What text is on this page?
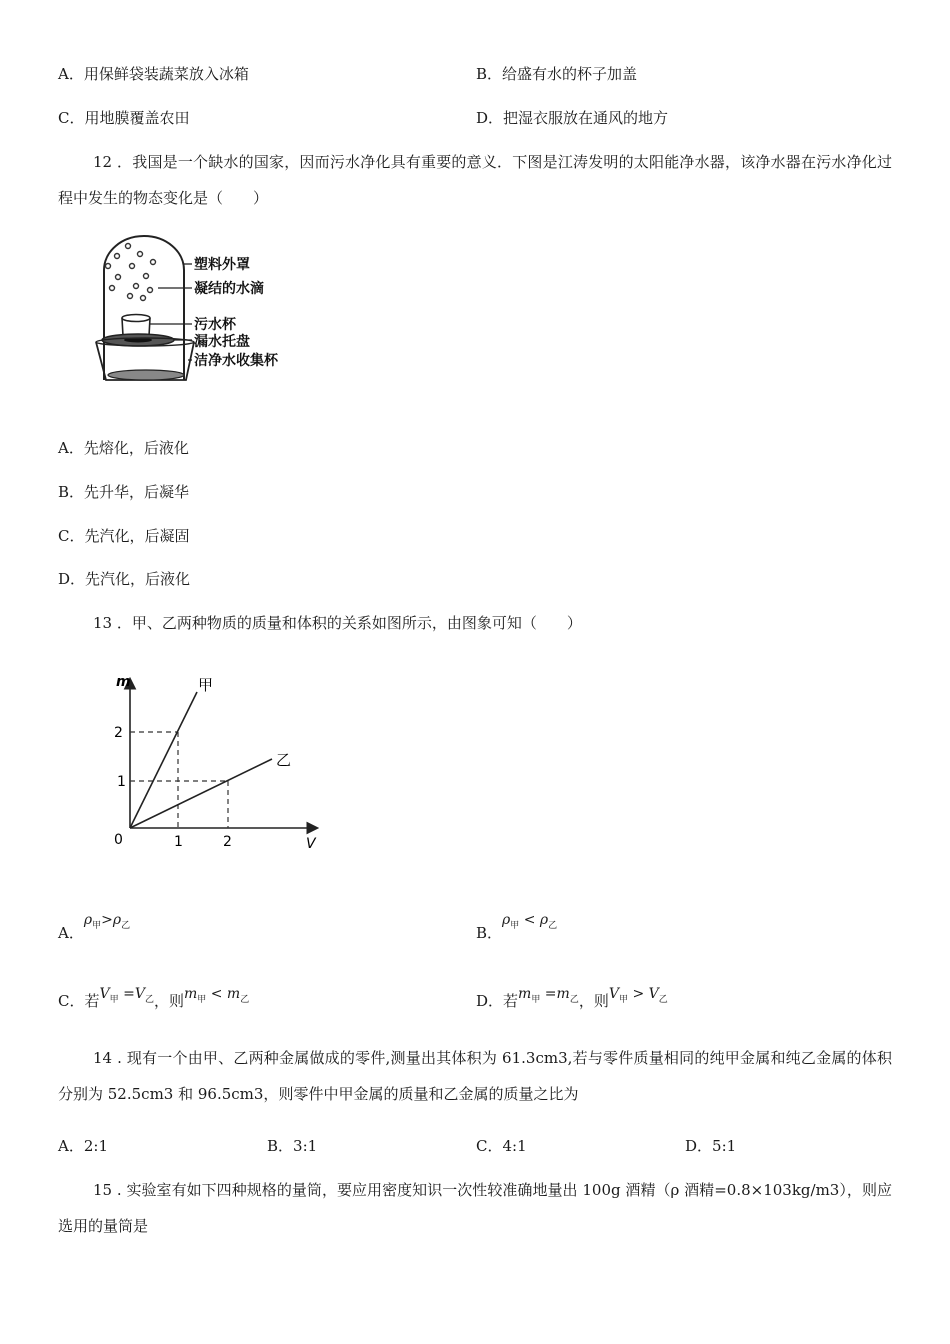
A．用保鲜袋装蔬菜放入冰箱	B．给盛有水的杯子加盖
C．用地膜覆盖农田	D．把湿衣服放在通风的地方
12 ．我国是一个缺水的国家，因而污水净化具有重要的意义．下图是江涛发明的太阳能净水器，该净水器在污水净化过程中发生的物态变化是（　　）
塑料外罩
凝结的水滴
污水杯
漏水托盘
洁净水收集杯
A．先熔化，后液化
B．先升华，后凝华
C．先汽化，后凝固
D．先汽化，后液化
13 ．甲、乙两种物质的质量和体积的关系如图所示，由图象可知（　　）
m
V
0
2
1
1	2
甲
乙
A．$\rho_甲>\rho_乙$	B．$\rho_甲 < \rho_乙$
C．若$V_甲 =V_乙$，则$m_甲 < m_乙$	D．若$m_甲 =m_乙$，则$V_甲 > V_乙$
14 . 现有一个由甲、乙两种金属做成的零件,测量出其体积为 61.3cm3,若与零件质量相同的纯甲金属和纯乙金属的体积分别为 52.5cm3 和 96.5cm3，则零件中甲金属的质量和乙金属的质量之比为
A．2:1	B．3:1	C．4:1	D．5:1
15 . 实验室有如下四种规格的量筒，要应用密度知识一次性较准确地量出 100g 酒精（ρ 酒精=0.8×103kg/m3），则应选用的量筒是
